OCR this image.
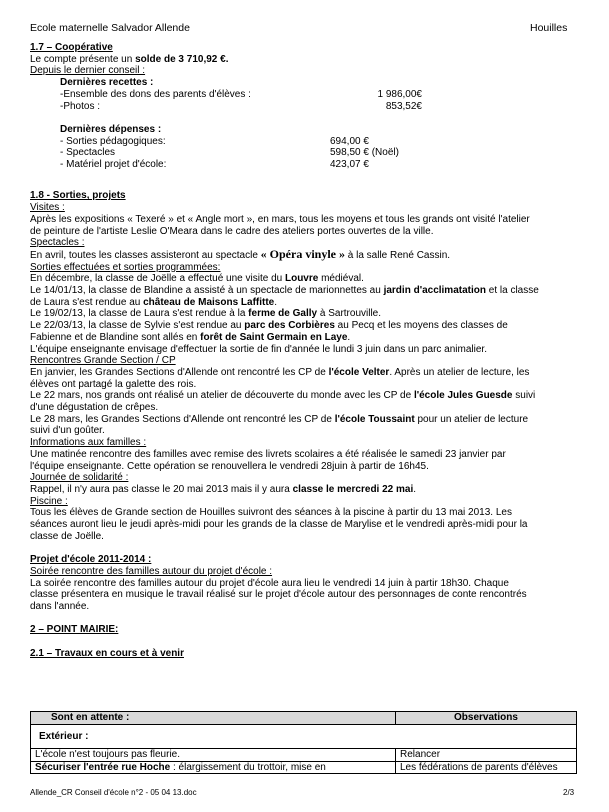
Ecole maternelle Salvador Allende	Houilles
1.7 – Coopérative
Le compte présente un solde de 3 710,92 €.
Depuis le dernier conseil :
Dernières recettes :
-Ensemble des dons des parents d'élèves :	1 986,00€
-Photos :	853,52€
Dernières dépenses :
- Sorties pédagogiques:	694,00 €
- Spectacles	598,50 € (Noël)
- Matériel projet d'école:	423,07 €
1.8 - Sorties, projets
Visites :
Après les expositions « Texeré » et « Angle mort », en mars, tous les moyens et tous les grands ont visité l'atelier
de peinture de l'artiste Leslie O'Meara dans le cadre des ateliers portes ouvertes de la ville.
Spectacles :
En avril, toutes les classes assisteront au spectacle « Opéra vinyle » à la salle René Cassin.
Sorties effectuées et sorties programmées:
En décembre, la classe de Joëlle a effectué une visite du Louvre médiéval.
Le 14/01/13, la classe de Blandine a assisté à un spectacle de marionnettes au jardin d'acclimatation et la classe
de Laura s'est rendue au château de Maisons Laffitte.
Le 19/02/13, la classe de Laura s'est rendue à la ferme de Gally à Sartrouville.
Le 22/03/13, la classe de Sylvie s'est rendue au parc des Corbières au Pecq et les moyens des classes de
Fabienne et de Blandine sont allés en forêt de Saint Germain en Laye.
L'équipe enseignante envisage d'effectuer la sortie de fin d'année le lundi 3 juin dans un parc animalier.
Rencontres Grande Section / CP
En janvier, les Grandes Sections d'Allende ont rencontré les CP de l'école Velter. Après un atelier de lecture, les
élèves ont partagé la galette des rois.
Le 22 mars, nos grands ont réalisé un atelier de découverte du monde avec les CP de l'école Jules Guesde suivi
d'une dégustation de crêpes.
Le 28 mars, les Grandes Sections d'Allende ont rencontré les CP de l'école Toussaint pour un atelier de lecture
suivi d'un goûter.
Informations aux familles :
Une matinée rencontre des familles avec remise des livrets scolaires a été réalisée le samedi 23 janvier par
l'équipe enseignante. Cette opération se renouvellera le vendredi 28juin à partir de 16h45.
Journée de solidarité :
Rappel, il n'y aura pas classe le 20 mai 2013 mais il y aura classe le mercredi 22 mai.
Piscine :
Tous les élèves de Grande section de Houilles suivront des séances à la piscine à partir du 13 mai 2013. Les
séances auront lieu le jeudi après-midi pour les grands de la classe de Marylise et le vendredi après-midi pour la
classe de Joëlle.
Projet d'école 2011-2014 :
Soirée rencontre des familles autour du projet d'école :
La soirée rencontre des familles autour du projet d'école aura lieu le vendredi 14 juin à partir 18h30. Chaque
classe présentera en musique le travail réalisé sur le projet d'école autour des personnages de conte rencontrés
dans l'année.
2 – POINT MAIRIE:
2.1 – Travaux en cours et à venir
Sont en attente :	Observations
Extérieur :	
L'école n'est toujours pas fleurie.	Relancer
Sécuriser l'entrée rue Hoche : élargissement du trottoir, mise en	Les fédérations de parents d'élèves
Allende_CR Conseil d'école n°2 - 05 04 13.doc	2/3
